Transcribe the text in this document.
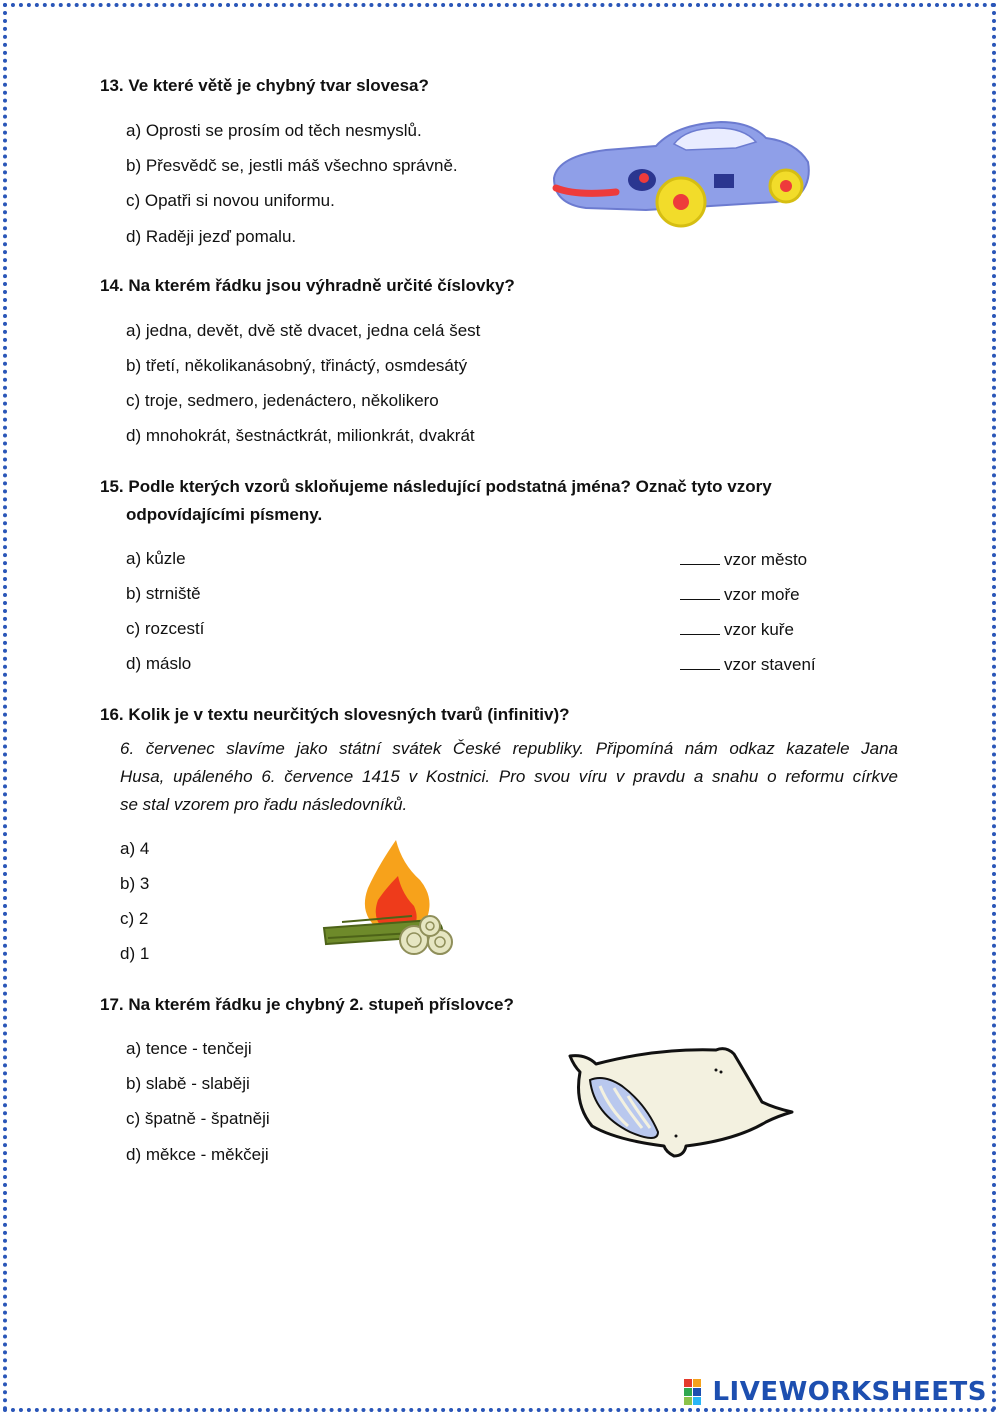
13. Ve které větě je chybný tvar slovesa?
a) Oprosti se prosím od těch nesmyslů.
b) Přesvědč se, jestli máš všechno správně.
c) Opatři si novou uniformu.
d) Raději jezď pomalu.
14. Na kterém řádku jsou výhradně určité číslovky?
a) jedna, devět, dvě stě dvacet, jedna celá šest
b) třetí, několikanásobný, třináctý, osmdesátý
c) troje, sedmero, jedenáctero, několikero
d) mnohokrát, šestnáctkrát, milionkrát, dvakrát
15. Podle kterých vzorů skloňujeme následující podstatná jména? Označ tyto vzory
odpovídajícími písmeny.
a) kůzle
b) strniště
c) rozcestí
d) máslo
vzor město
vzor moře
vzor kuře
vzor stavení
16. Kolik je v textu neurčitých slovesných tvarů (infinitiv)?
6. červenec slavíme jako státní svátek České republiky. Připomíná nám odkaz kazatele Jana
Husa, upáleného 6. července 1415 v Kostnici. Pro svou víru v pravdu a snahu o reformu církve
se stal vzorem pro řadu následovníků.
a) 4
b) 3
c) 2
d) 1
17. Na kterém řádku je chybný 2. stupeň příslovce?
a) tence - tenčeji
b) slabě - slaběji
c) špatně - špatněji
d) měkce - měkčeji
LIVEWORKSHEETS
